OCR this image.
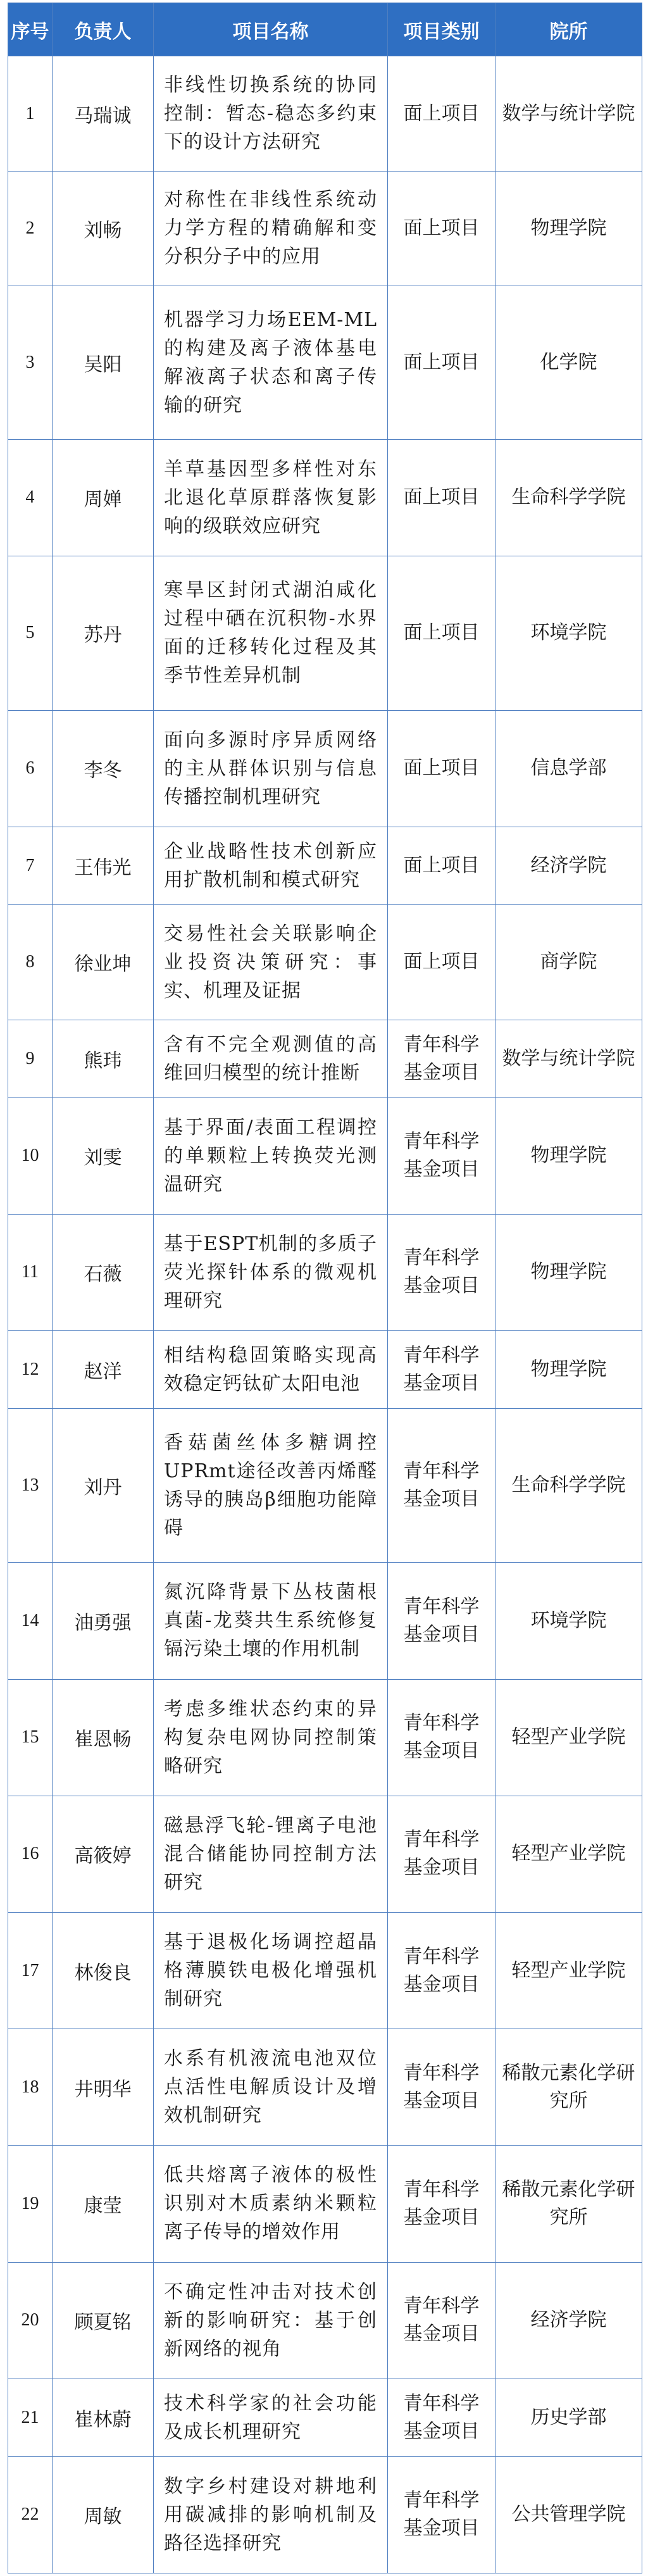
序号	负责人	项目名称	项目类别	院所
1	马瑞诚	非线性切换系统的协同控制：暂态-稳态多约束下的设计方法研究	面上项目	数学与统计学院
2	刘畅	对称性在非线性系统动力学方程的精确解和变分积分子中的应用	面上项目	物理学院
3	吴阳	机器学习力场EEM-ML的构建及离子液体基电解液离子状态和离子传输的研究	面上项目	化学院
4	周婵	羊草基因型多样性对东北退化草原群落恢复影响的级联效应研究	面上项目	生命科学学院
5	苏丹	寒旱区封闭式湖泊咸化过程中硒在沉积物-水界面的迁移转化过程及其季节性差异机制	面上项目	环境学院
6	李冬	面向多源时序异质网络的主从群体识别与信息传播控制机理研究	面上项目	信息学部
7	王伟光	企业战略性技术创新应用扩散机制和模式研究	面上项目	经济学院
8	徐业坤	交易性社会关联影响企业投资决策研究：事实、机理及证据	面上项目	商学院
9	熊玮	含有不完全观测值的高维回归模型的统计推断	青年科学基金项目	数学与统计学院
10	刘雯	基于界面/表面工程调控的单颗粒上转换荧光测温研究	青年科学基金项目	物理学院
11	石薇	基于ESPT机制的多质子荧光探针体系的微观机理研究	青年科学基金项目	物理学院
12	赵洋	相结构稳固策略实现高效稳定钙钛矿太阳电池	青年科学基金项目	物理学院
13	刘丹	香菇菌丝体多糖调控UPRmt途径改善丙烯醛诱导的胰岛β细胞功能障碍	青年科学基金项目	生命科学学院
14	油勇强	氮沉降背景下丛枝菌根真菌-龙葵共生系统修复镉污染土壤的作用机制	青年科学基金项目	环境学院
15	崔恩畅	考虑多维状态约束的异构复杂电网协同控制策略研究	青年科学基金项目	轻型产业学院
16	高筱婷	磁悬浮飞轮-锂离子电池混合储能协同控制方法研究	青年科学基金项目	轻型产业学院
17	林俊良	基于退极化场调控超晶格薄膜铁电极化增强机制研究	青年科学基金项目	轻型产业学院
18	井明华	水系有机液流电池双位点活性电解质设计及增效机制研究	青年科学基金项目	稀散元素化学研究所
19	康莹	低共熔离子液体的极性识别对木质素纳米颗粒离子传导的增效作用	青年科学基金项目	稀散元素化学研究所
20	顾夏铭	不确定性冲击对技术创新的影响研究：基于创新网络的视角	青年科学基金项目	经济学院
21	崔林蔚	技术科学家的社会功能及成长机理研究	青年科学基金项目	历史学部
22	周敏	数字乡村建设对耕地利用碳减排的影响机制及路径选择研究	青年科学基金项目	公共管理学院
